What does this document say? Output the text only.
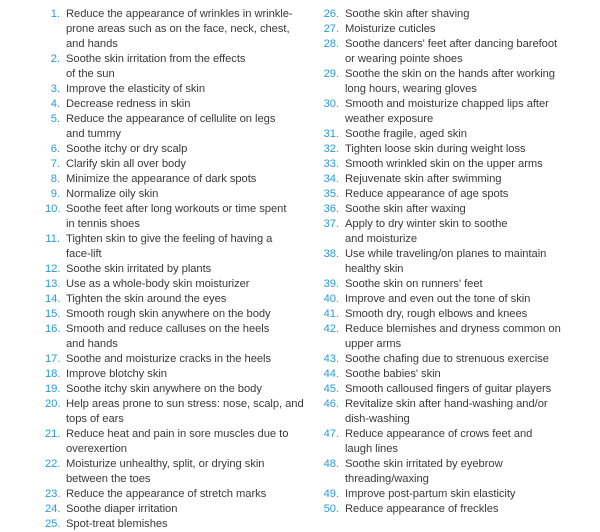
1. Reduce the appearance of wrinkles in wrinkle-
prone areas such as on the face, neck, chest,
and hands
2. Soothe skin irritation from the effects
of the sun
3. Improve the elasticity of skin
4. Decrease redness in skin
5. Reduce the appearance of cellulite on legs
and tummy
6. Soothe itchy or dry scalp
7. Clarify skin all over body
8. Minimize the appearance of dark spots
9. Normalize oily skin
10. Soothe feet after long workouts or time spent
in tennis shoes
11. Tighten skin to give the feeling of having a
face-lift
12. Soothe skin irritated by plants
13. Use as a whole-body skin moisturizer
14. Tighten the skin around the eyes
15. Smooth rough skin anywhere on the body
16. Smooth and reduce calluses on the heels
and hands
17. Soothe and moisturize cracks in the heels
18. Improve blotchy skin
19. Soothe itchy skin anywhere on the body
20. Help areas prone to sun stress: nose, scalp, and
tops of ears
21. Reduce heat and pain in sore muscles due to
overexertion
22. Moisturize unhealthy, split, or drying skin
between the toes
23. Reduce the appearance of stretch marks
24. Soothe diaper irritation
25. Spot-treat blemishes
26. Soothe skin after shaving
27. Moisturize cuticles
28. Soothe dancers' feet after dancing barefoot
or wearing pointe shoes
29. Soothe the skin on the hands after working
long hours, wearing gloves
30. Smooth and moisturize chapped lips after
weather exposure
31. Soothe fragile, aged skin
32. Tighten loose skin during weight loss
33. Smooth wrinkled skin on the upper arms
34. Rejuvenate skin after swimming
35. Reduce appearance of age spots
36. Soothe skin after waxing
37. Apply to dry winter skin to soothe
and moisturize
38. Use while traveling/on planes to maintain
healthy skin
39. Soothe skin on runners' feet
40. Improve and even out the tone of skin
41. Smooth dry, rough elbows and knees
42. Reduce blemishes and dryness common on
upper arms
43. Soothe chafing due to strenuous exercise
44. Soothe babies' skin
45. Smooth calloused fingers of guitar players
46. Revitalize skin after hand-washing and/or
dish-washing
47. Reduce appearance of crows feet and
laugh lines
48. Soothe skin irritated by eyebrow
threading/waxing
49. Improve post-partum skin elasticity
50. Reduce appearance of freckles
